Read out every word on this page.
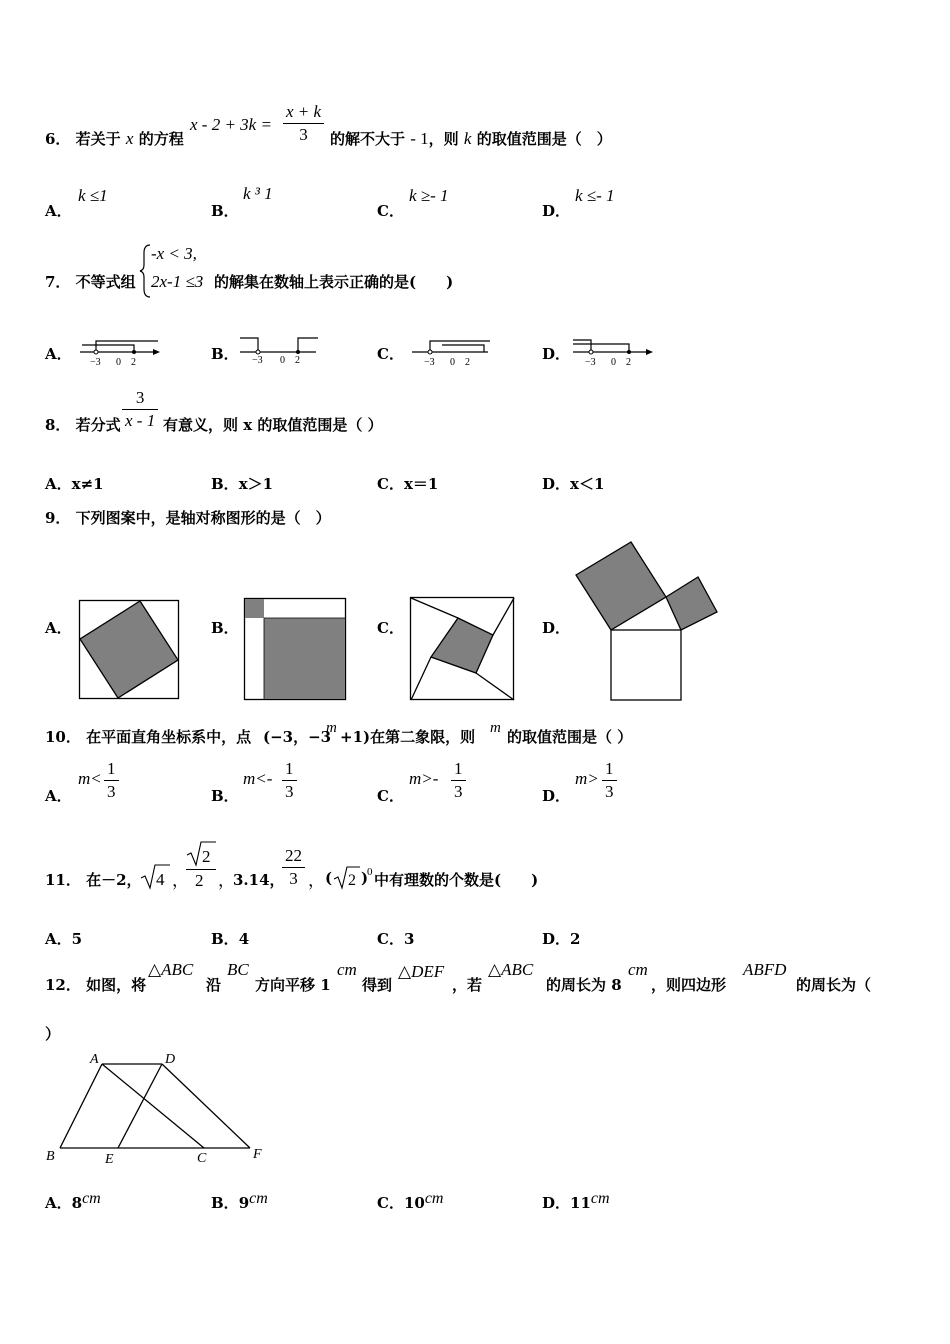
6． 若关于 x 的方程
$x - 2 + 3k = \frac{x + k}{3}$ 的解不大于 - 1，则 k 的取值范围是（　）
A．
k ≤1
B．
k ³ 1
C．
k ≥- 1
D．
k ≤- 1
7． 不等式组
-x < 3,
2x-1 ≤3 的解集在数轴上表示正确的是(　　)
A． −3 0 2	B． −3 0 2	C． −3 0 2	D． −3 0 2
8． 若分式 $\frac{3}{x - 1}$ 有意义，则 x 的取值范围是（ ）
A．x≠1	B．x＞1	C．x＝1	D．x＜1
9． 下列图案中，是轴对称图形的是（　）
A．	B．	C．	D．
10． 在平面直角坐标系中，点 (−3，−3
m +1)在第二象限，则 m 的取值范围是（ ）
A．
$m< \frac{1}{3}$	B．
$m<- \frac{1}{3}$	C．
$m>- \frac{1}{3}$	D．
$m> \frac{1}{3}$
11． 在－2， 4 ，
2
2 ，
3.14，
$\frac{22}{3}$ ， ( 2 )
0 中有理数的个数是(　　)
A．5	B．4	C．3	D．2
12． 如图，将
△ABC
沿
BC
方向平移 1
cm
得到
△DEF
，若
△ABC
的周长为 8
cm
，则四边形
ABFD
的周长为（
）
A	D
B	E	C	F
A．8cm	B．9cm	C．10cm	D．11cm
